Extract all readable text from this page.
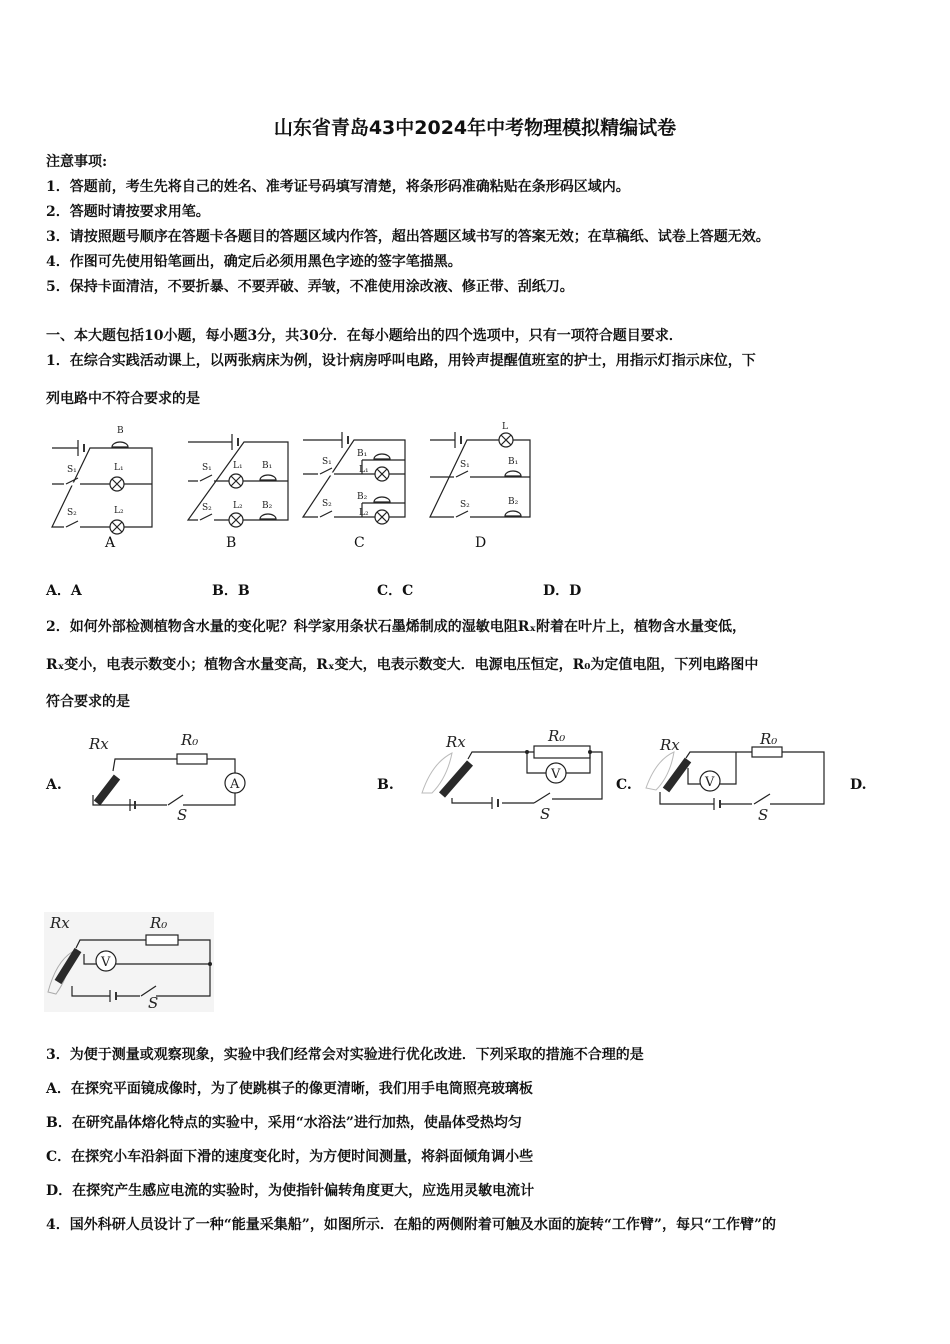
山东省青岛43中2024年中考物理模拟精编试卷
注意事项:
1．答题前，考生先将自己的姓名、准考证号码填写清楚，将条形码准确粘贴在条形码区域内。
2．答题时请按要求用笔。
3．请按照题号顺序在答题卡各题目的答题区域内作答，超出答题区域书写的答案无效；在草稿纸、试卷上答题无效。
4．作图可先使用铅笔画出，确定后必须用黑色字迹的签字笔描黑。
5．保持卡面清洁，不要折暴、不要弄破、弄皱，不准使用涂改液、修正带、刮纸刀。
一、本大题包括10小题，每小题3分，共30分．在每小题给出的四个选项中，只有一项符合题目要求．
1．在综合实践活动课上，以两张病床为例，设计病房呼叫电路，用铃声提醒值班室的护士，用指示灯指示床位，下
列电路中不符合要求的是
B
S₁	L₁
S₂	L₂
A
S₁ L₁ B₁
S₂ L₂ B₂
B
S₁
B₁
L₁
S₂
B₂
L₂
C
L
S₁	B₁
S₂	B₂
D
A．A	B．B	C．C	D．D
2．如何外部检测植物含水量的变化呢？科学家用条状石墨烯制成的湿敏电阻Rₓ附着在叶片上，植物含水量变低，
Rₓ变小，电表示数变小；植物含水量变高，Rₓ变大，电表示数变大．电源电压恒定，R₀为定值电阻，下列电路图中
符合要求的是
A.	B.	C.	D.
Rx	R₀
A
S
Rx	R₀
V
S
Rx	R₀
V
S
Rx	R₀
V
S
3．为便于测量或观察现象，实验中我们经常会对实验进行优化改进．下列采取的措施不合理的是
A．在探究平面镜成像时，为了使跳棋子的像更清晰，我们用手电筒照亮玻璃板
B．在研究晶体熔化特点的实验中，采用“水浴法”进行加热，使晶体受热均匀
C．在探究小车沿斜面下滑的速度变化时，为方便时间测量，将斜面倾角调小些
D．在探究产生感应电流的实验时，为使指针偏转角度更大，应选用灵敏电流计
4．国外科研人员设计了一种“能量采集船”，如图所示．在船的两侧附着可触及水面的旋转“工作臂”，每只“工作臂”的
